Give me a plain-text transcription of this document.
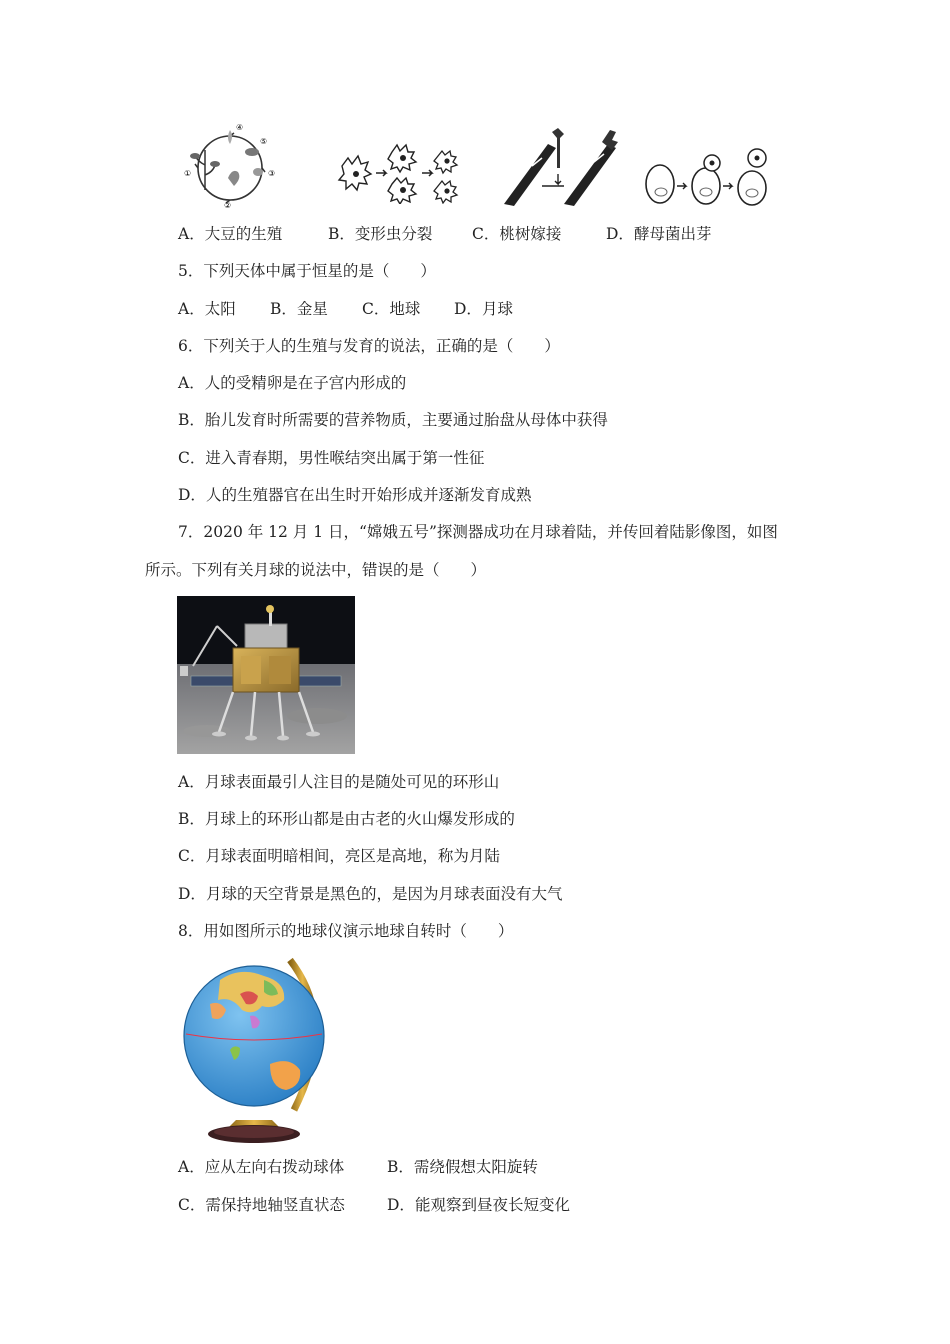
①
②
③
④
⑤
A．大豆的生殖	B．变形虫分裂	C．桃树嫁接	D．酵母菌出芽
5．下列天体中属于恒星的是（　　）
A．太阳 B．金星 C．地球 D．月球
6．下列关于人的生殖与发育的说法，正确的是（　　）
A．人的受精卵是在子宫内形成的
B．胎儿发育时所需要的营养物质，主要通过胎盘从母体中获得
C．进入青春期，男性喉结突出属于第一性征
D．人的生殖器官在出生时开始形成并逐渐发育成熟
7．2020 年 12 月 1 日，“嫦娥五号”探测器成功在月球着陆，并传回着陆影像图，如图
所示。下列有关月球的说法中，错误的是（　　）
A．月球表面最引人注目的是随处可见的环形山
B．月球上的环形山都是由古老的火山爆发形成的
C．月球表面明暗相间，亮区是高地，称为月陆
D．月球的天空背景是黑色的，是因为月球表面没有大气
8．用如图所示的地球仪演示地球自转时（　　）
A．应从左向右拨动球体	B．需绕假想太阳旋转
C．需保持地轴竖直状态	D．能观察到昼夜长短变化
